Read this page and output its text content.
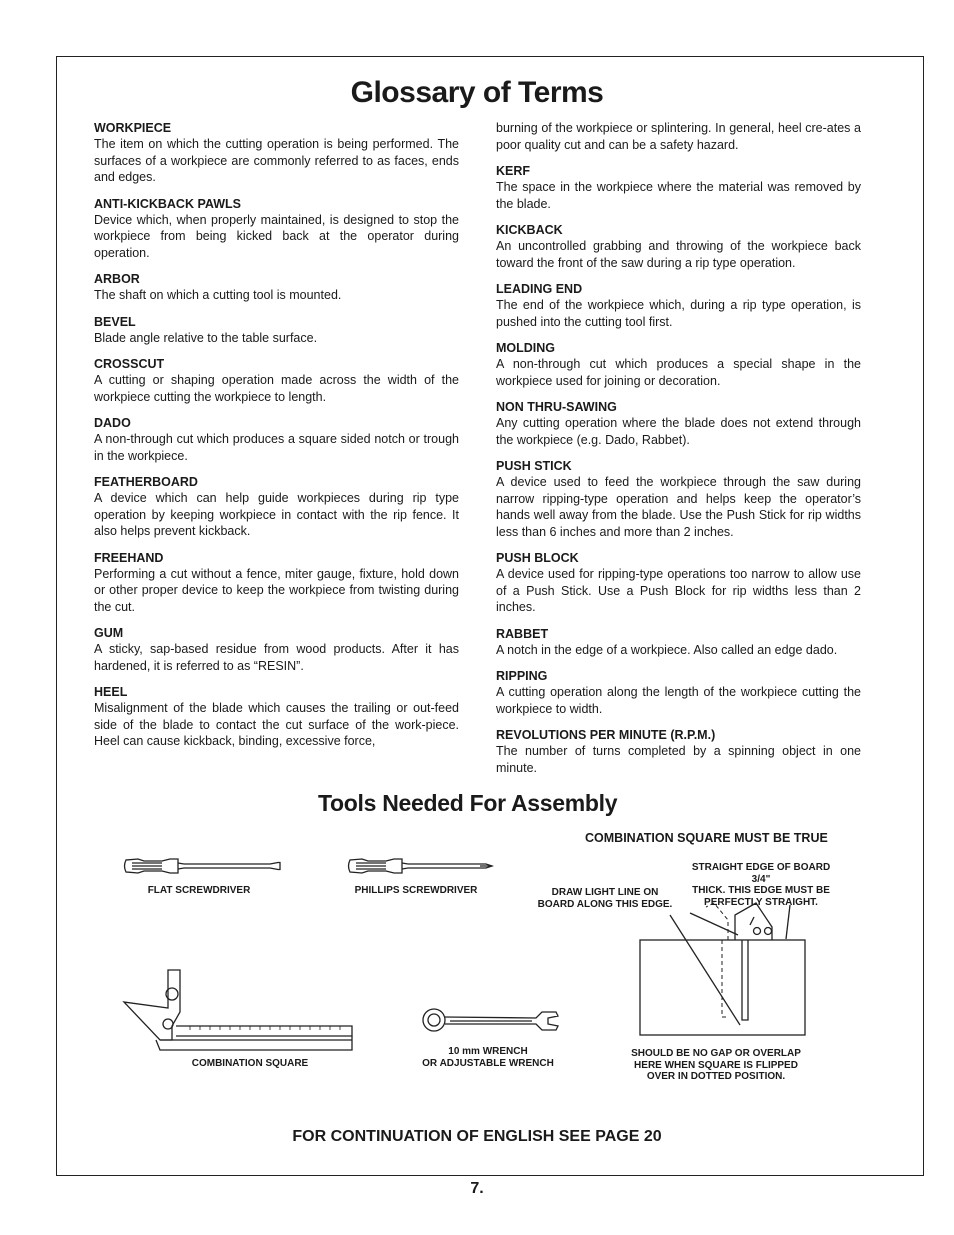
Glossary of Terms
WORKPIECE
The item on which the cutting operation is being performed. The surfaces of a workpiece are commonly referred to as faces, ends and edges.
ANTI-KICKBACK PAWLS
Device which, when properly maintained, is designed to stop the workpiece from being kicked back at the operator during operation.
ARBOR
The shaft on which a cutting tool is mounted.
BEVEL
Blade angle relative to the table surface.
CROSSCUT
A cutting or shaping operation made across the width of the workpiece cutting the workpiece to length.
DADO
A non-through cut which produces a square sided notch or trough in the workpiece.
FEATHERBOARD
A device which can help guide workpieces during rip type operation by keeping workpiece in contact with the rip fence. It also helps prevent kickback.
FREEHAND
Performing a cut without a fence, miter gauge, fixture, hold down or other proper device to keep the workpiece from twisting during the cut.
GUM
A sticky, sap-based residue from wood products. After it has hardened, it is referred to as “RESIN”.
HEEL
Misalignment of the blade which causes the trailing or out-feed side of the blade to contact the cut surface of the work-piece. Heel can cause kickback, binding, excessive force,
burning of the workpiece or splintering. In general, heel cre-ates a poor quality cut and can be a safety hazard.
KERF
The space in the workpiece where the material was removed by the blade.
KICKBACK
An uncontrolled grabbing and throwing of the workpiece back toward the front of the saw during a rip type operation.
LEADING END
The end of the workpiece which, during a rip type operation, is pushed into the cutting tool first.
MOLDING
A non-through cut which produces a special shape in the workpiece used for joining or decoration.
NON THRU-SAWING
Any cutting operation where the blade does not extend through the workpiece (e.g. Dado, Rabbet).
PUSH STICK
A device used to feed the workpiece through the saw during narrow ripping-type operation and helps keep the operator’s hands well away from the blade. Use the Push Stick for rip widths less than 6 inches and more than 2 inches.
PUSH BLOCK
A device used for ripping-type operations too narrow to allow use of a Push Stick. Use a Push Block for rip widths less than 2 inches.
RABBET
A notch in the edge of a workpiece. Also called an edge dado.
RIPPING
A cutting operation along the length of the workpiece cutting the workpiece to width.
REVOLUTIONS PER MINUTE (R.P.M.)
The number of turns completed by a spinning object in one minute.
Tools Needed For Assembly
FLAT SCREWDRIVER	PHILLIPS SCREWDRIVER
COMBINATION SQUARE
10 mm WRENCH
OR ADJUSTABLE WRENCH
COMBINATION SQUARE MUST BE TRUE
DRAW LIGHT LINE ON
BOARD ALONG THIS EDGE.
STRAIGHT EDGE OF BOARD 3/4"
THICK. THIS EDGE MUST BE
PERFECTLY STRAIGHT.
SHOULD BE NO GAP OR OVERLAP
HERE WHEN SQUARE IS FLIPPED
OVER IN DOTTED POSITION.
FOR CONTINUATION OF ENGLISH SEE PAGE 20
7.
